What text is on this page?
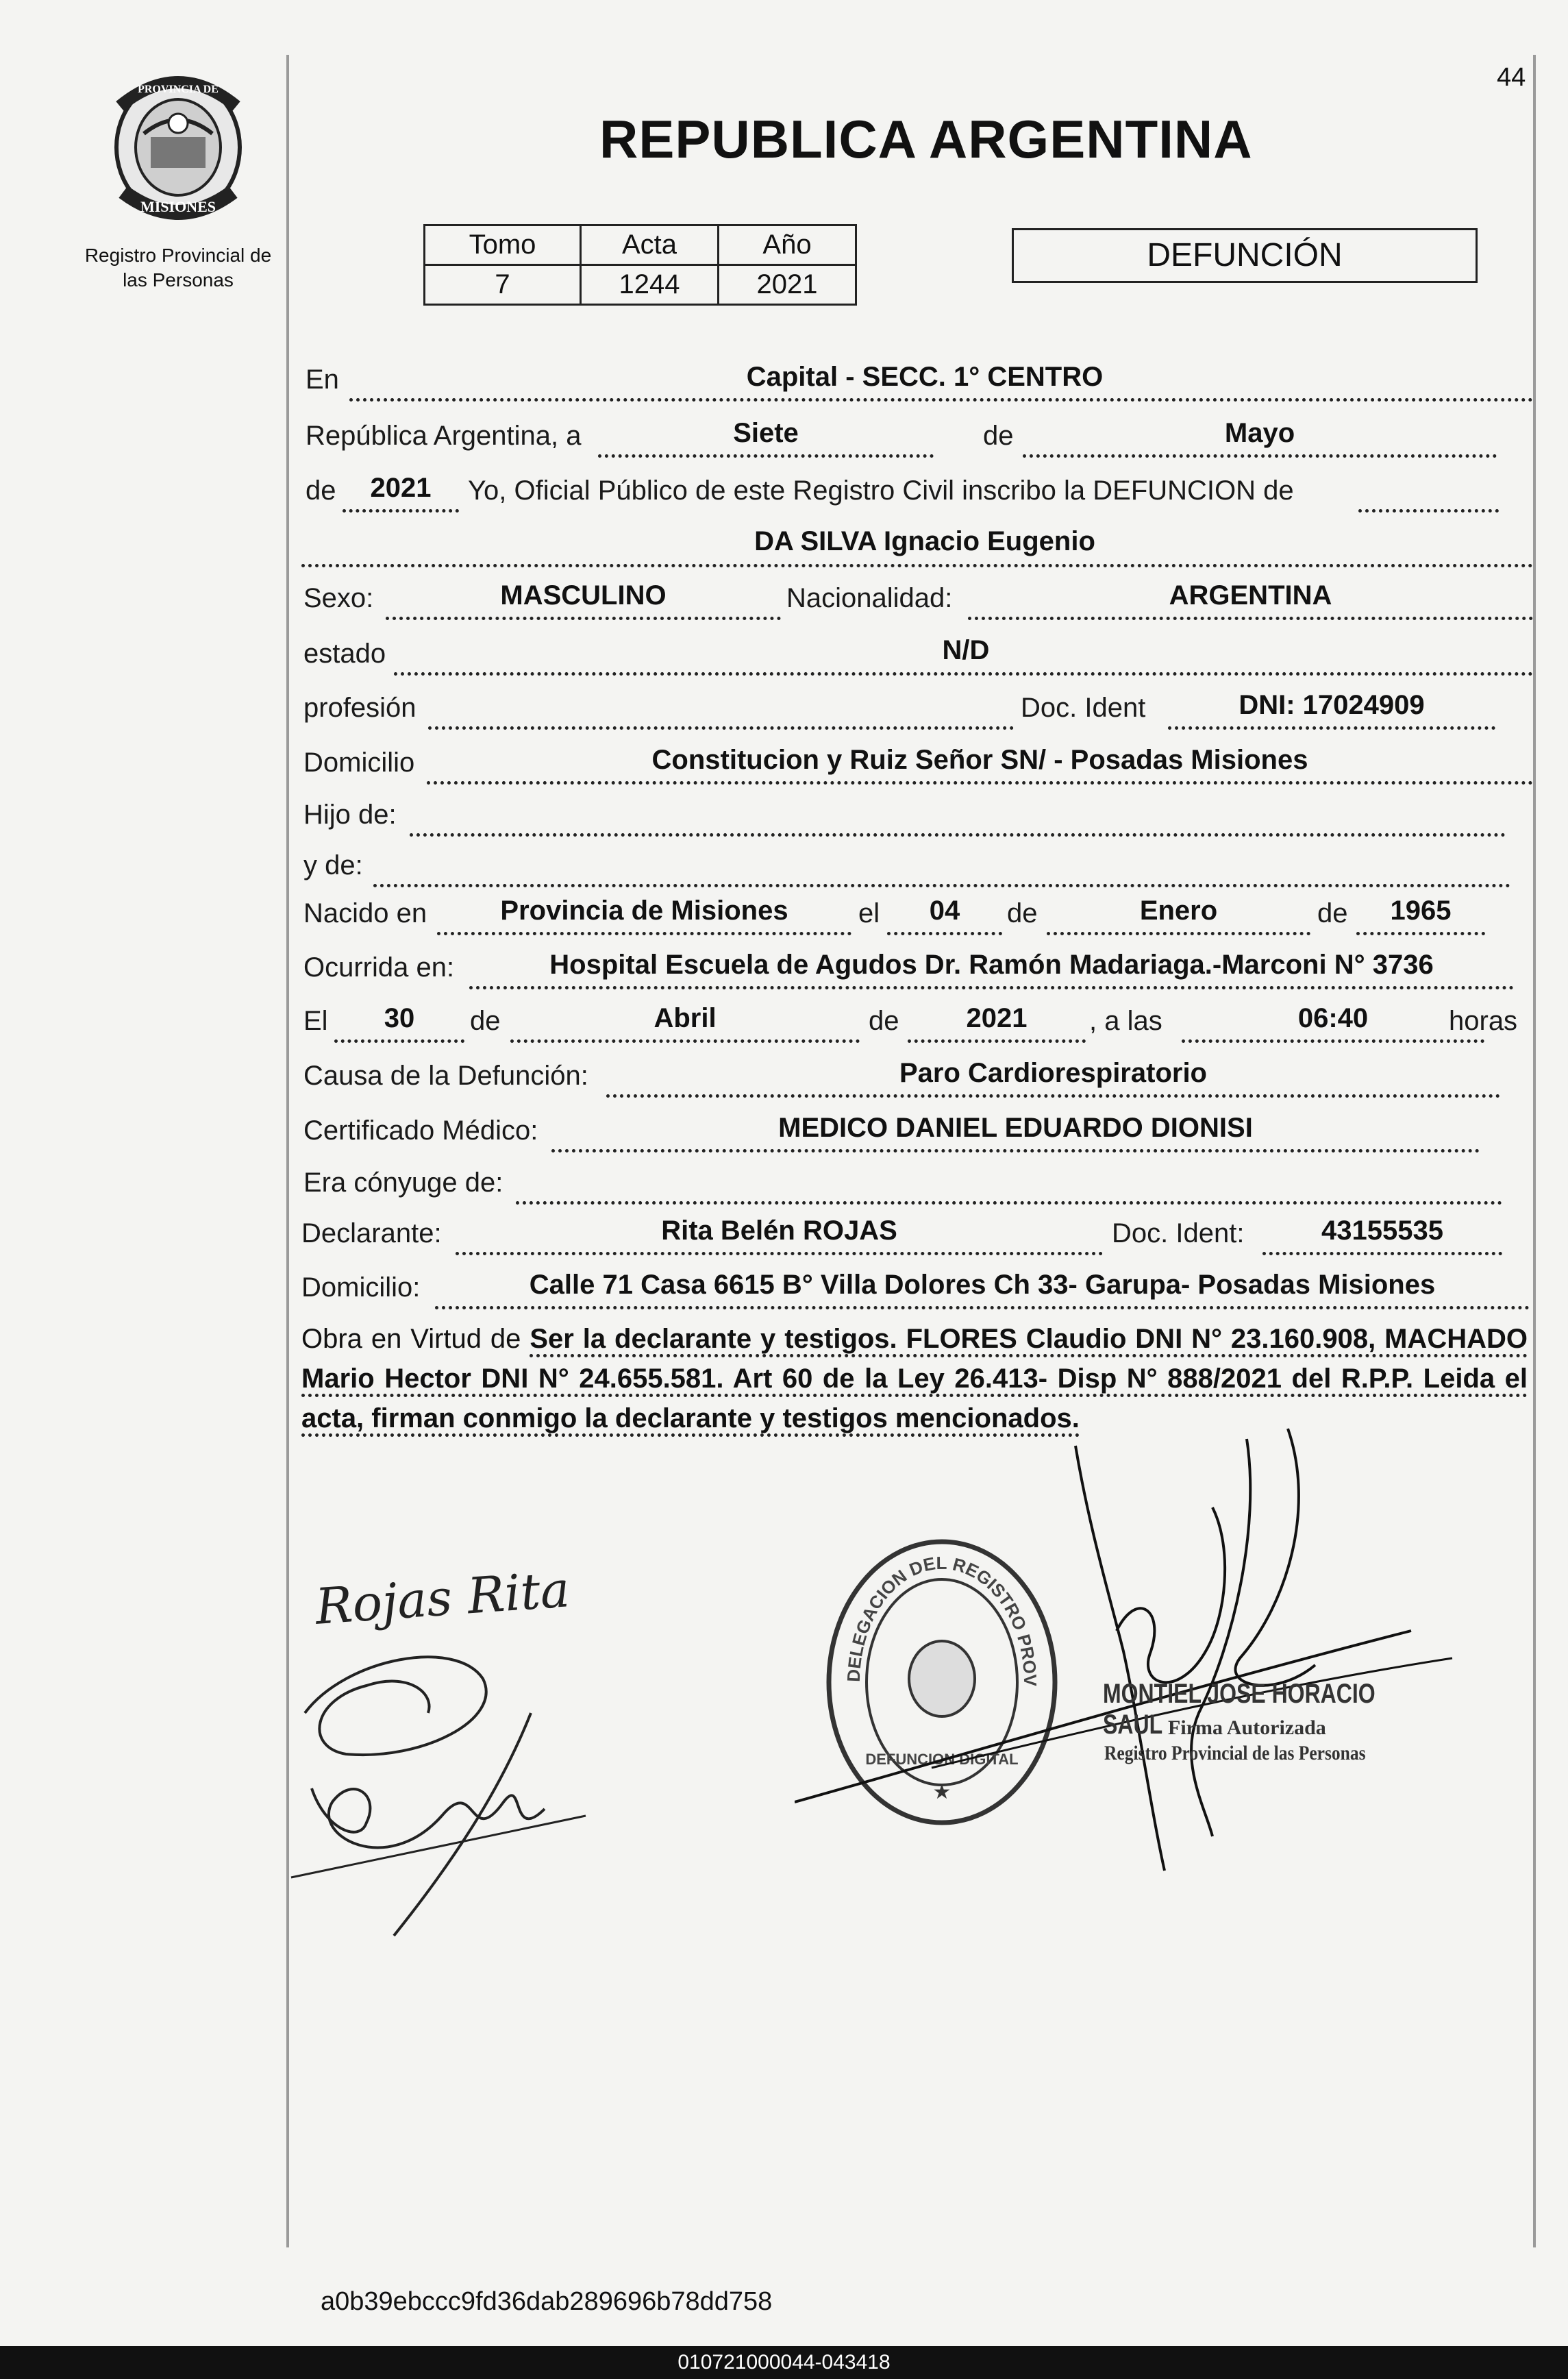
44
MISIONES
PROVINCIA DE
Registro Provincial de
las Personas
REPUBLICA ARGENTINA
Tomo	Acta	Año
7	1244	2021
DEFUNCIÓN
En	Capital - SECC. 1° CENTRO
República Argentina, a	Siete	de	Mayo
de	2021	Yo, Oficial Público de este Registro Civil inscribo la DEFUNCION de
DA SILVA Ignacio Eugenio
Sexo:	MASCULINO	Nacionalidad:	ARGENTINA
estado	N/D
profesión	Doc. Ident	DNI: 17024909
Domicilio	Constitucion y Ruiz Señor SN/ - Posadas Misiones
Hijo de:
y de:
Nacido en	Provincia de Misiones	el	04	de	Enero	de	1965
Ocurrida en:	Hospital Escuela de Agudos Dr. Ramón Madariaga.-Marconi N° 3736
El	30	de	Abril	de	2021	, a las	06:40	horas
Causa de la Defunción:	Paro Cardiorespiratorio
Certificado Médico:	MEDICO DANIEL EDUARDO DIONISI
Era cónyuge de:
Declarante:	Rita Belén ROJAS	Doc. Ident:	43155535
Domicilio:	Calle 71 Casa 6615 B° Villa Dolores Ch 33- Garupa- Posadas Misiones
Obra en Virtud de Ser la declarante y testigos. FLORES Claudio DNI N° 23.160.908, MACHADO Mario Hector DNI N° 24.655.581. Art 60 de la Ley 26.413- Disp N° 888/2021 del R.P.P. Leida el acta, firman conmigo la declarante y testigos mencionados.
Rojas Rita
DELEGACION DEL REGISTRO PROV
DEFUNCION DIGITAL
★
MONTIEL JOSE HORACIO SAUL Firma Autorizada
Registro Provincial de las Personas
a0b39ebccc9fd36dab289696b78dd758
010721000044-043418
